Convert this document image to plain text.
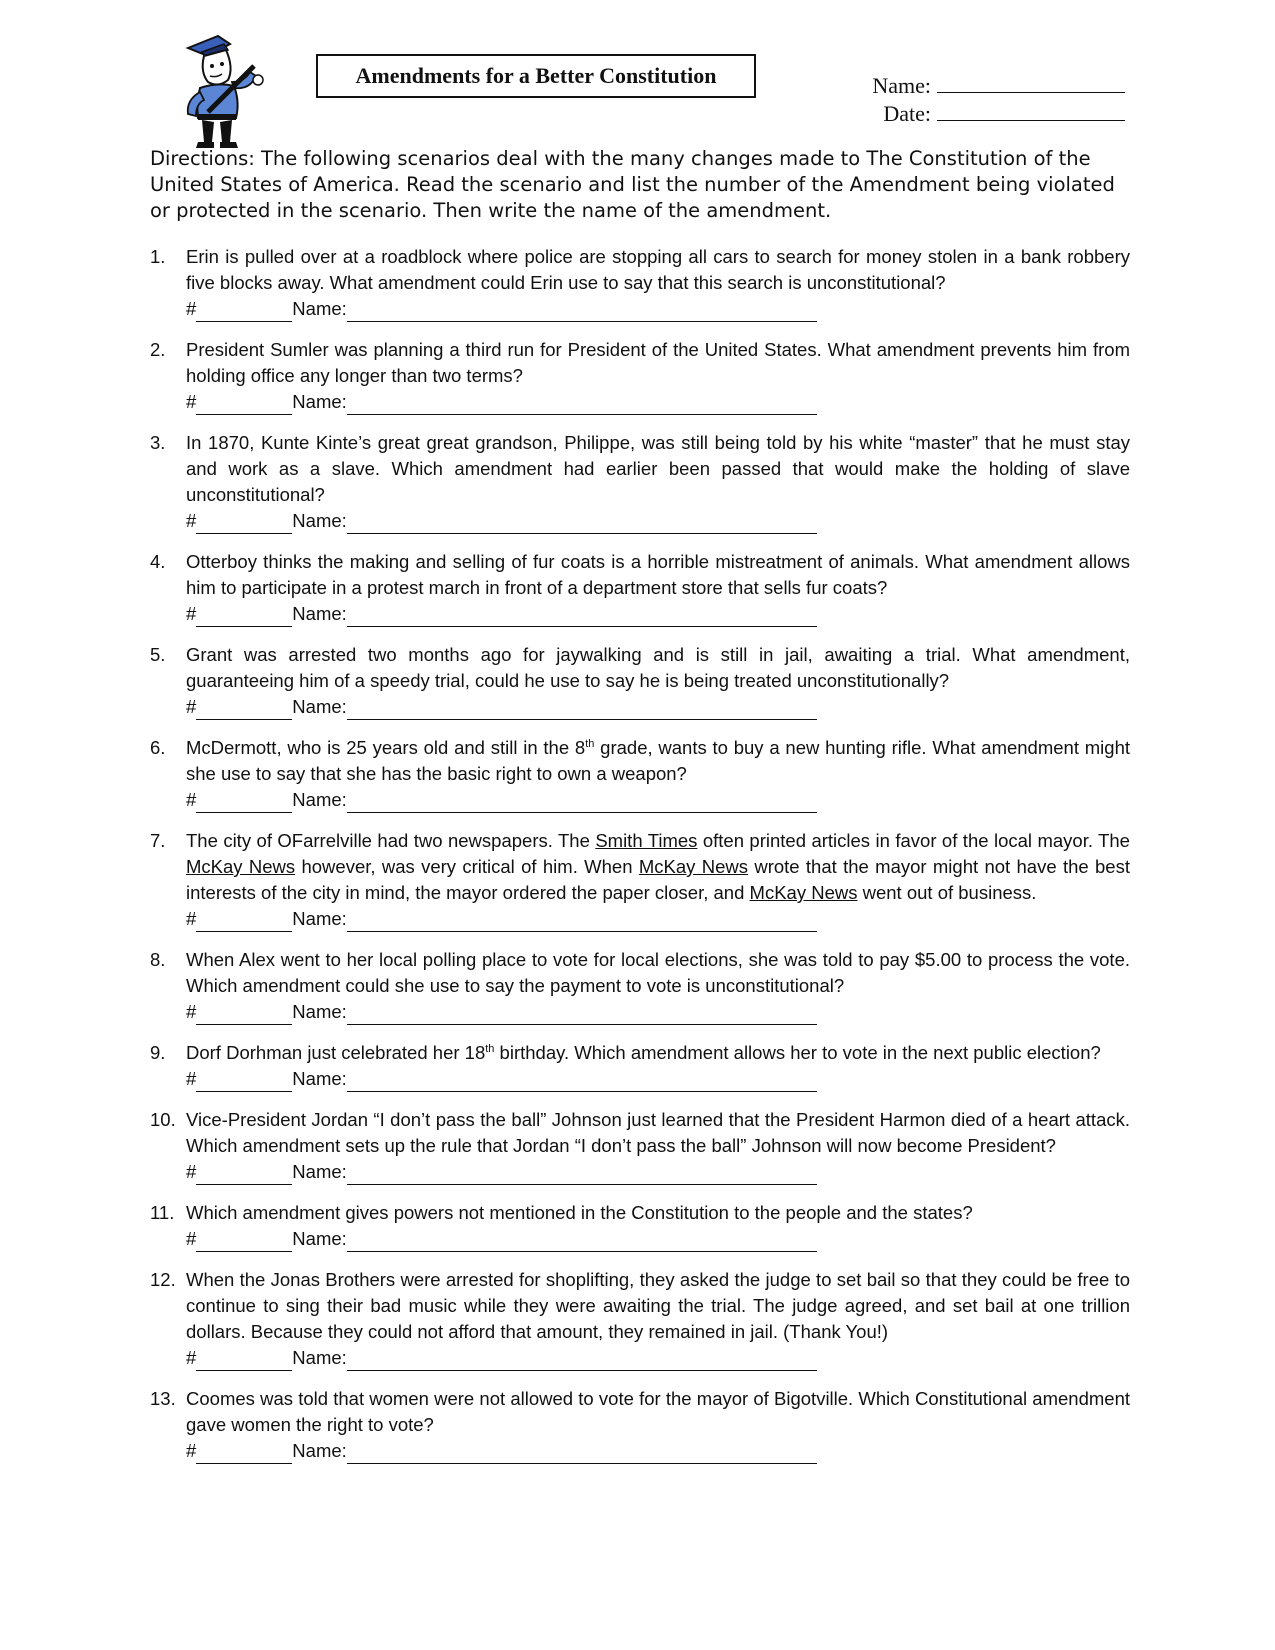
Amendments for a Better Constitution	Name:
Date:
Directions: The following scenarios deal with the many changes made to The Constitution of the United States of America. Read the scenario and list the number of the Amendment being violated or protected in the scenario. Then write the name of the amendment.
1.	Erin is pulled over at a roadblock where police are stopping all cars to search for money stolen in a bank robbery five blocks away. What amendment could Erin use to say that this search is unconstitutional?
#	Name:
2.	President Sumler was planning a third run for President of the United States. What amendment prevents him from holding office any longer than two terms?
#	Name:
3.	In 1870, Kunte Kinte’s great great grandson, Philippe, was still being told by his white “master” that he must stay and work as a slave. Which amendment had earlier been passed that would make the holding of slave unconstitutional?
#	Name:
4.	Otterboy thinks the making and selling of fur coats is a horrible mistreatment of animals. What amendment allows him to participate in a protest march in front of a department store that sells fur coats?
#	Name:
5.	Grant was arrested two months ago for jaywalking and is still in jail, awaiting a trial. What amendment, guaranteeing him of a speedy trial, could he use to say he is being treated unconstitutionally?
#	Name:
6.	McDermott, who is 25 years old and still in the 8th grade, wants to buy a new hunting rifle. What amendment might she use to say that she has the basic right to own a weapon?
#	Name:
7.	The city of OFarrelville had two newspapers. The Smith Times often printed articles in favor of the local mayor. The McKay News however, was very critical of him. When McKay News wrote that the mayor might not have the best interests of the city in mind, the mayor ordered the paper closer, and McKay News went out of business.
#	Name:
8.	When Alex went to her local polling place to vote for local elections, she was told to pay $5.00 to process the vote. Which amendment could she use to say the payment to vote is unconstitutional?
#	Name:
9.	Dorf Dorhman just celebrated her 18th birthday. Which amendment allows her to vote in the next public election?
#	Name:
10. Vice-President Jordan “I don’t pass the ball” Johnson just learned that the President Harmon died of a heart attack. Which amendment sets up the rule that Jordan “I don’t pass the ball” Johnson will now become President?
#	Name:
11. Which amendment gives powers not mentioned in the Constitution to the people and the states?
#	Name:
12. When the Jonas Brothers were arrested for shoplifting, they asked the judge to set bail so that they could be free to continue to sing their bad music while they were awaiting the trial. The judge agreed, and set bail at one trillion dollars. Because they could not afford that amount, they remained in jail. (Thank You!)
#	Name:
13. Coomes was told that women were not allowed to vote for the mayor of Bigotville. Which Constitutional amendment gave women the right to vote?
#	Name:
